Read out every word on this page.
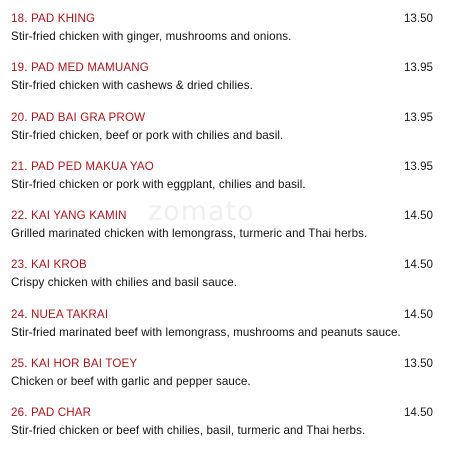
zomato
18. PAD KHING	13.50
Stir-fried chicken with ginger, mushrooms and onions.
19. PAD MED MAMUANG	13.95
Stir-fried chicken with cashews & dried chilies.
20. PAD BAI GRA PROW	13.95
Stir-fried chicken, beef or pork with chilies and basil.
21. PAD PED MAKUA YAO	13.95
Stir-fried chicken or pork with eggplant, chilies and basil.
22. KAI YANG KAMIN	14.50
Grilled marinated chicken with lemongrass, turmeric and Thai herbs.
23. KAI KROB	14.50
Crispy chicken with chilies and basil sauce.
24. NUEA TAKRAI	14.50
Stir-fried marinated beef with lemongrass, mushrooms and peanuts sauce.
25. KAI HOR BAI TOEY	13.50
Chicken or beef with garlic and pepper sauce.
26. PAD CHAR	14.50
Stir-fried chicken or beef with chilies, basil, turmeric and Thai herbs.
